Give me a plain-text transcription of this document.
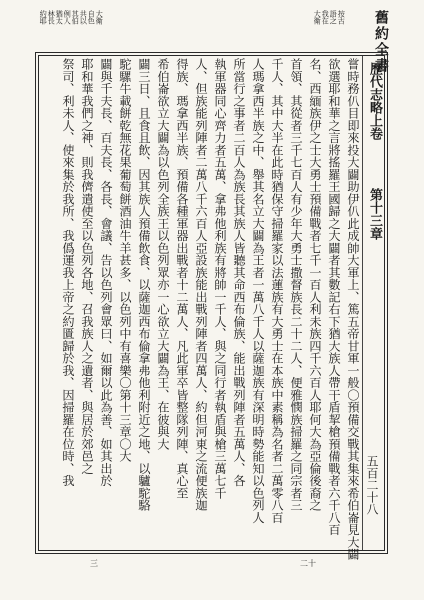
舊約全書
按古
語之
我在
大衛
大衛
自色
共以
其伯
例人
猶太
林長
約耶
歷代志略上卷
第十三章
五百二十八
嘗時務仈目即來投大闢助伊仈此成帥大軍上、篤五帝甘軍一般〇預備交戰其集來希伯崙見大闢
欲選耶和華之言將搖羅王國歸之大闢者其數記右下猶大族人帶干盾挈槍預備戰者六千八百
名、西緬族伊之士大勇士預備戰者七千一百人利未族四千六百人耶何大為亞倫後裔之
首領、其從者三千七百人有少年大勇士撒督族長二十二人、便雅憫族掃羅之同宗者三
千人、其中大半在此時猶保守掃羅家以法蓮族有大勇士在本族中素稱為名者二萬零八百
人瑪拿西半族之中、舉其名立大闢為王者一萬八千人以薩迦族有深明時勢能知以色列人
所當行之事者二百人為族長其族人皆聽其命西布倫族、能出戰列陣者五萬人、各
執軍器同心齊力者五萬、拿弗他利族有將帥一千人、與之同行者執盾與槍三萬七千
人、但族能列陣者二萬八千六百人亞設族能出戰列陣者四萬人、約但河東之流便族迦
得族、瑪拿西半族、預備各種軍器出戰者十二萬人、凡此軍卒皆整隊列陣、真心至
希伯崙欲立大闢為以色列全族王以色列眾亦一心欲立大闢為王、在彼與大
闢三日、且食且飲、因其族人預備飲食、以薩迦西布倫拿弗他利附近之地、以驢駝駱
駝騾牛載餅乾無花果葡萄餅酒油牛羊甚多、以色列中有喜樂〇第十三章〇大
闢與千夫長、百夫長、各長、會議、告以色列會眾曰、如爾以此為善、如其出於
耶和華我們之神、則我儕遣使至以色列各地、召我族人之遺者、與居於郊邑之
祭司、利未人、使來集於我所、我僞運我上帝之約匱歸於我、因掃羅在位時、我
三	二十
